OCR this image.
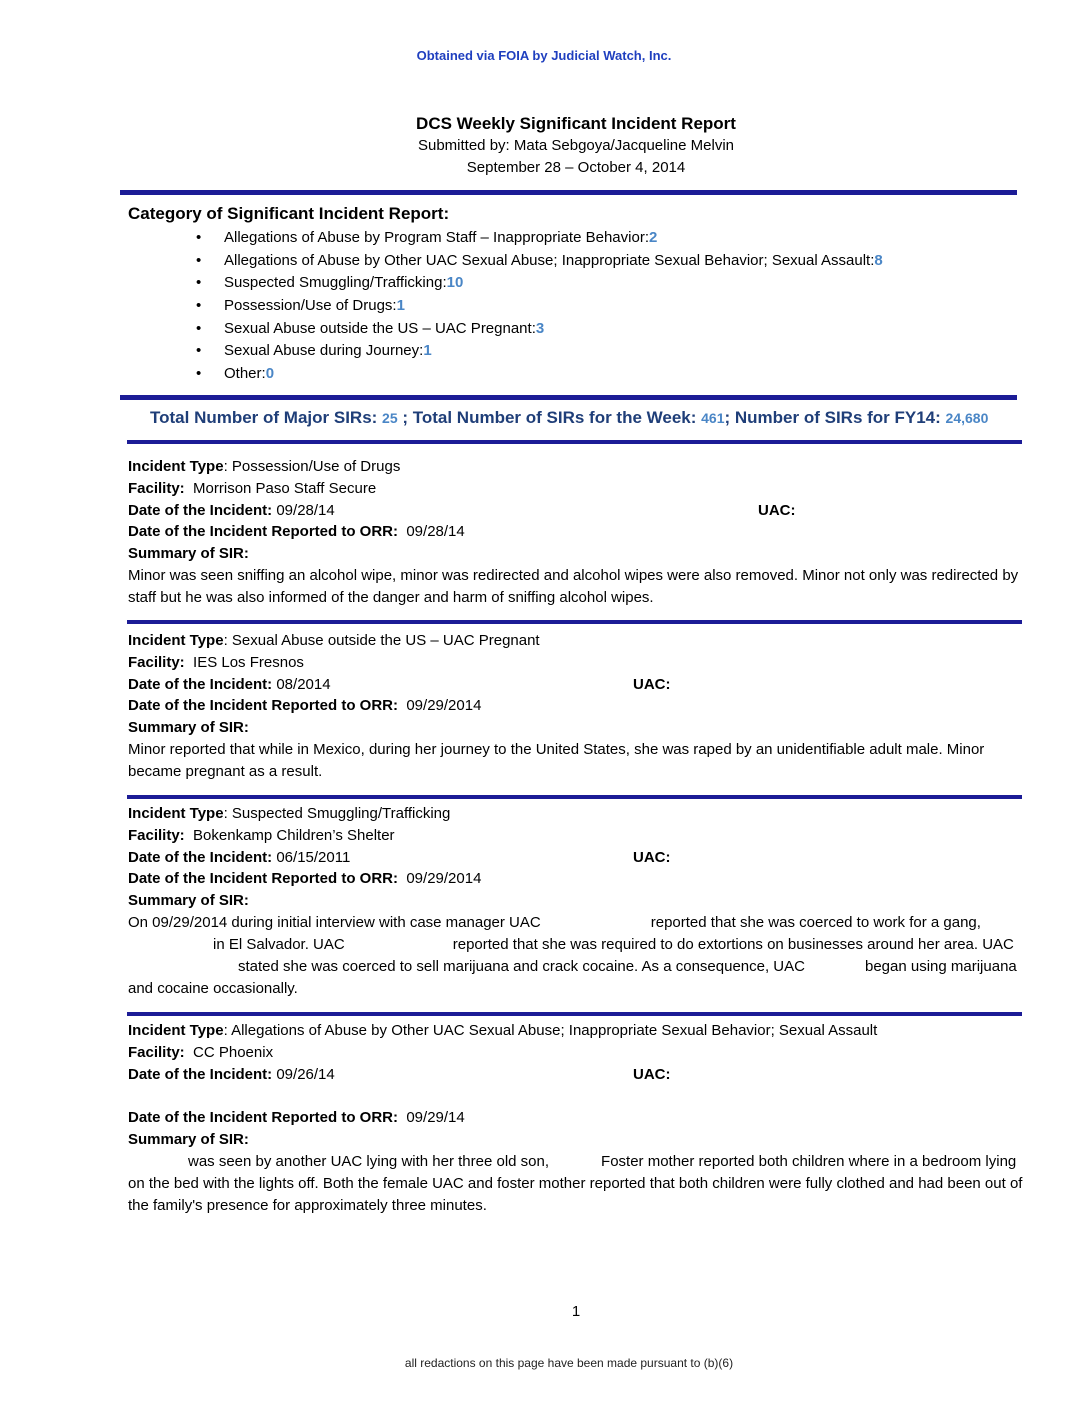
Obtained via FOIA by Judicial Watch, Inc.
DCS Weekly Significant Incident Report
Submitted by: Mata Sebgoya/Jacqueline Melvin
September 28 – October 4, 2014
Category of Significant Incident Report:
•	Allegations of Abuse by Program Staff – Inappropriate Behavior: 2
•	Allegations of Abuse by Other UAC Sexual Abuse; Inappropriate Sexual Behavior; Sexual Assault: 8
•	Suspected Smuggling/Trafficking: 10
•	Possession/Use of Drugs: 1
•	Sexual Abuse outside the US – UAC Pregnant: 3
•	Sexual Abuse during Journey: 1
•	Other: 0
Total Number of Major SIRs: 25 ; Total Number of SIRs for the Week: 461; Number of SIRs for FY14: 24,680
Incident Type: Possession/Use of Drugs
Facility: Morrison Paso Staff Secure
Date of the Incident: 09/28/14	UAC:
Date of the Incident Reported to ORR: 09/28/14
Summary of SIR:
Minor was seen sniffing an alcohol wipe, minor was redirected and alcohol wipes were also removed. Minor not only was redirected by staff but he was also informed of the danger and harm of sniffing alcohol wipes.
Incident Type: Sexual Abuse outside the US – UAC Pregnant
Facility: IES Los Fresnos
Date of the Incident: 08/2014	UAC:
Date of the Incident Reported to ORR: 09/29/2014
Summary of SIR:
Minor reported that while in Mexico, during her journey to the United States, she was raped by an unidentifiable adult male. Minor became pregnant as a result.
Incident Type: Suspected Smuggling/Trafficking
Facility: Bokenkamp Children’s Shelter
Date of the Incident: 06/15/2011	UAC:
Date of the Incident Reported to ORR: 09/29/2014
Summary of SIR:
On 09/29/2014 during initial interview with case manager UAC	reported that she was coerced to work for a gang,in El Salvador. UAC	reported that she was required to do extortions on businesses around her area. UACstated she was coerced to sell marijuana and crack cocaine. As a consequence, UAC	began using marijuana and cocaine occasionally.
Incident Type: Allegations of Abuse by Other UAC Sexual Abuse; Inappropriate Sexual Behavior; Sexual Assault
Facility: CC Phoenix
Date of the Incident: 09/26/14	UAC:
Date of the Incident Reported to ORR: 09/29/14
Summary of SIR:
was seen by another UAC lying with her three old son,	Foster mother reported both children where in a bedroom lying on the bed with the lights off. Both the female UAC and foster mother reported that both children were fully clothed and had been out of the family's presence for approximately three minutes.
1
all redactions on this page have been made pursuant to (b)(6)
